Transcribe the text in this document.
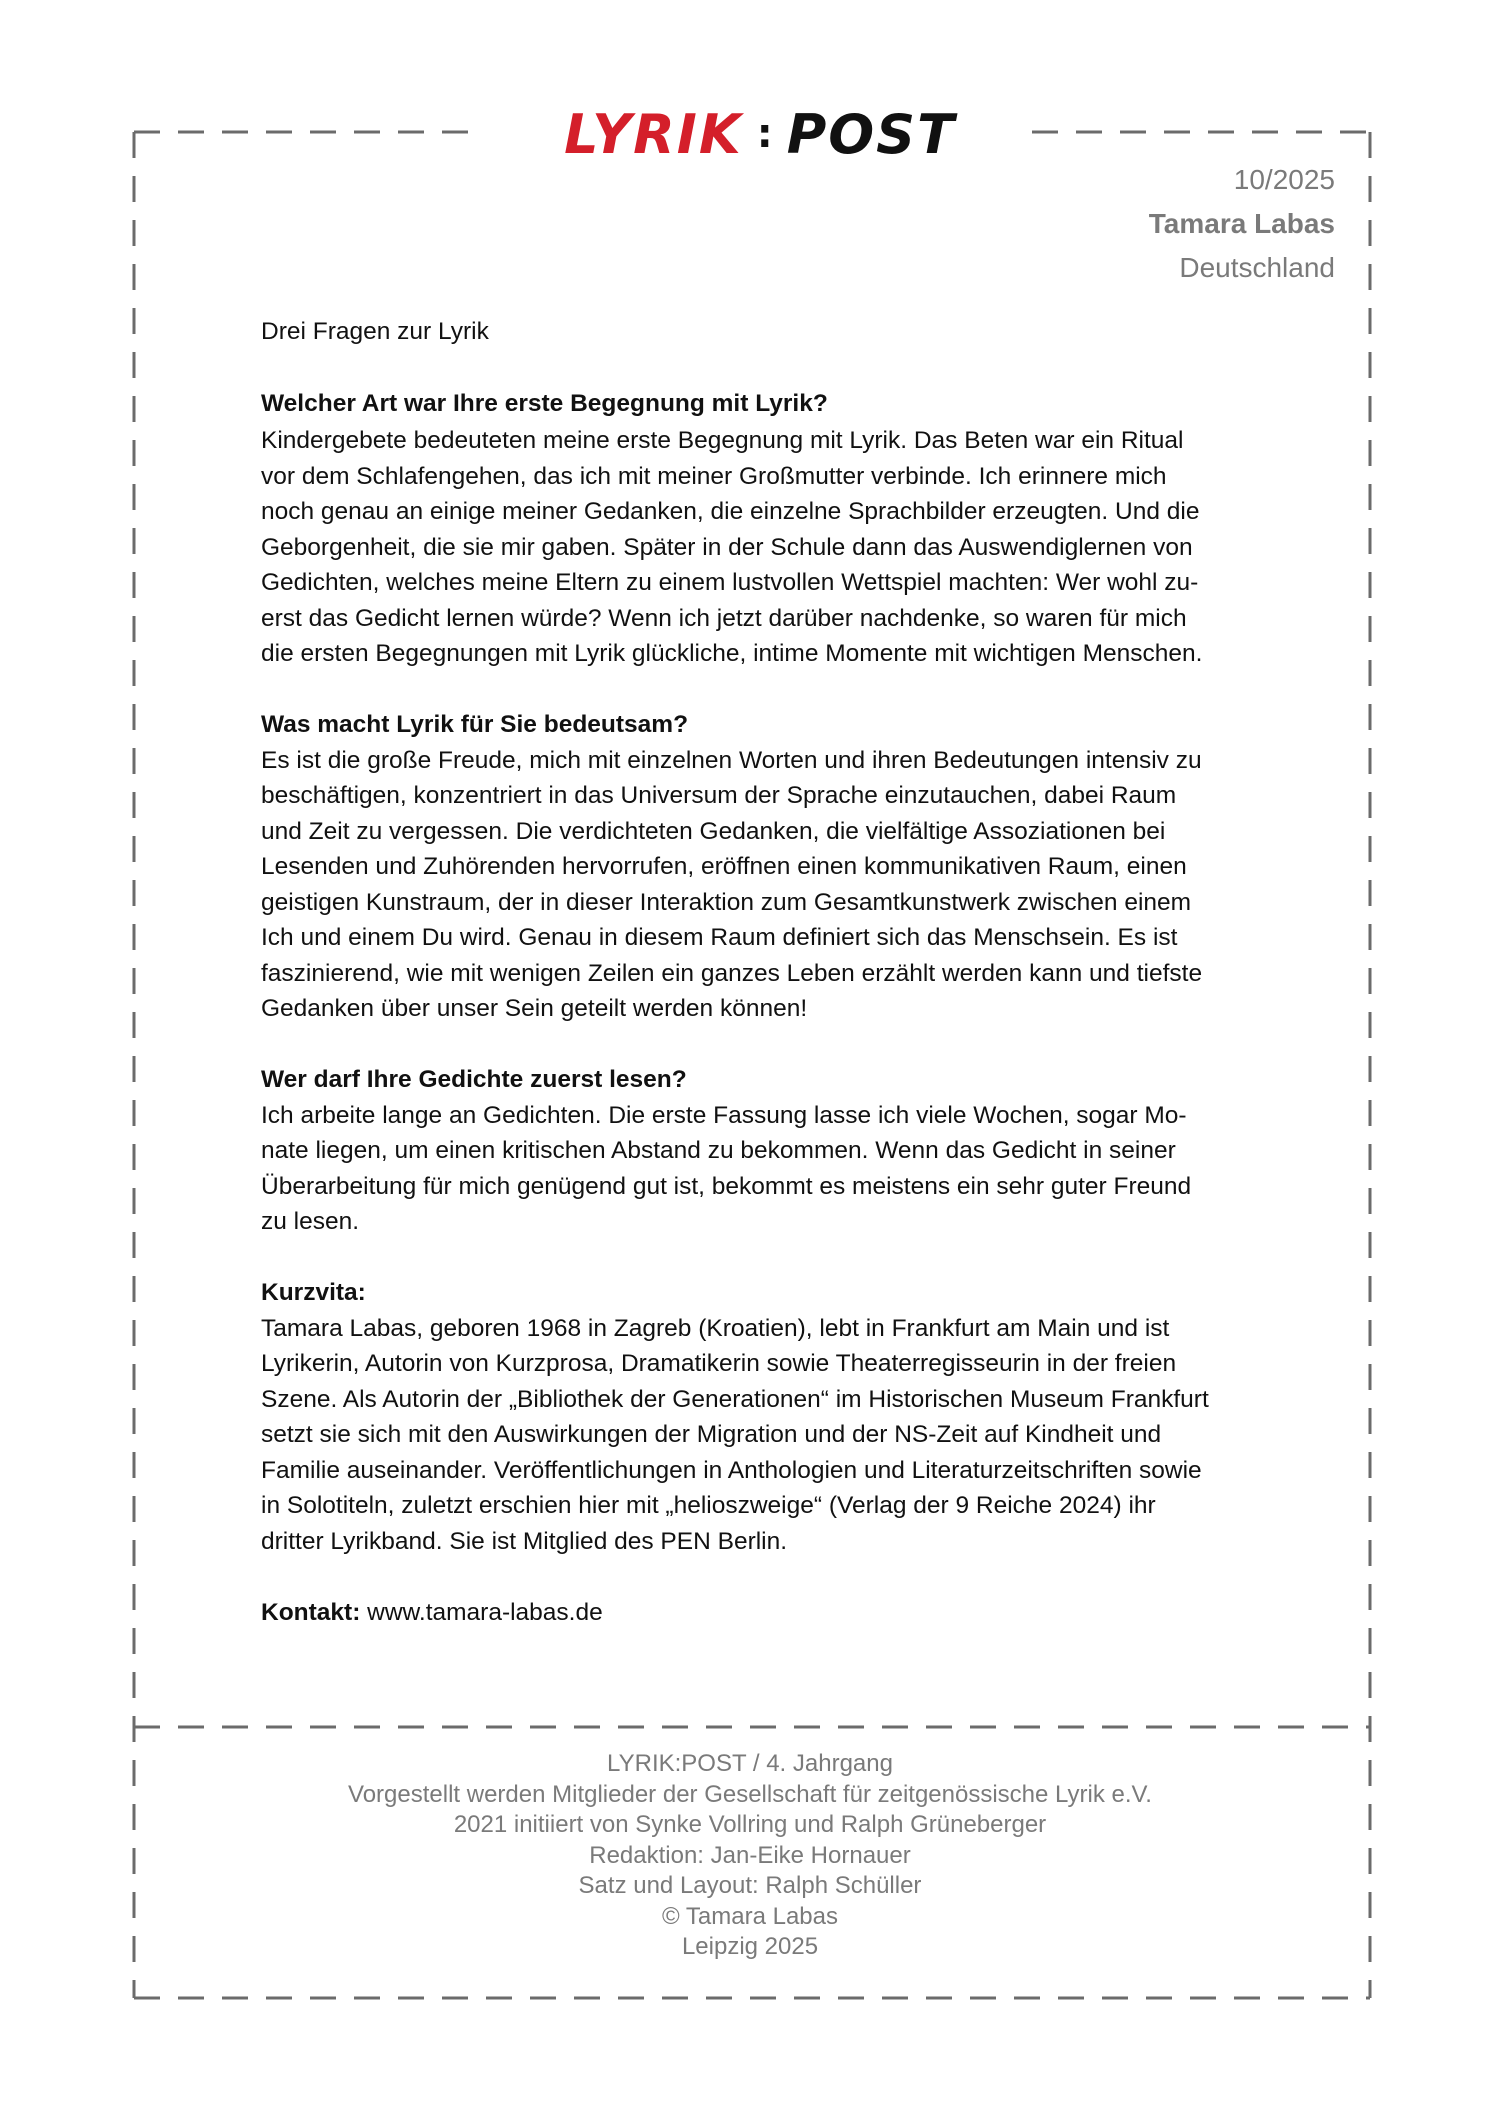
LYRIK : POST
10/2025
Tamara Labas
Deutschland

Drei Fragen zur Lyrik

Welcher Art war Ihre erste Begegnung mit Lyrik?

Kindergebete bedeuteten meine erste Begegnung mit Lyrik. Das Beten war ein Ritual

vor dem Schlafengehen, das ich mit meiner Großmutter verbinde. Ich erinnere mich

noch genau an einige meiner Gedanken, die einzelne Sprachbilder erzeugten. Und die

Geborgenheit, die sie mir gaben. Später in der Schule dann das Auswendiglernen von

Gedichten, welches meine Eltern zu einem lustvollen Wettspiel machten: Wer wohl zu-

erst das Gedicht lernen würde? Wenn ich jetzt darüber nachdenke, so waren für mich

die ersten Begegnungen mit Lyrik glückliche, intime Momente mit wichtigen Menschen.

Was macht Lyrik für Sie bedeutsam?

Es ist die große Freude, mich mit einzelnen Worten und ihren Bedeutungen intensiv zu

beschäftigen, konzentriert in das Universum der Sprache einzutauchen, dabei Raum

und Zeit zu vergessen. Die verdichteten Gedanken, die vielfältige Assoziationen bei

Lesenden und Zuhörenden hervorrufen, eröffnen einen kommunikativen Raum, einen

geistigen Kunstraum, der in dieser Interaktion zum Gesamtkunstwerk zwischen einem

Ich und einem Du wird. Genau in diesem Raum definiert sich das Menschsein. Es ist

faszinierend, wie mit wenigen Zeilen ein ganzes Leben erzählt werden kann und tiefste

Gedanken über unser Sein geteilt werden können!

Wer darf Ihre Gedichte zuerst lesen?

Ich arbeite lange an Gedichten. Die erste Fassung lasse ich viele Wochen, sogar Mo-

nate liegen, um einen kritischen Abstand zu bekommen. Wenn das Gedicht in seiner

Überarbeitung für mich genügend gut ist, bekommt es meistens ein sehr guter Freund

zu lesen.

Kurzvita:

Tamara Labas, geboren 1968 in Zagreb (Kroatien), lebt in Frankfurt am Main und ist

Lyrikerin, Autorin von Kurzprosa, Dramatikerin sowie Theaterregisseurin in der freien

Szene. Als Autorin der „Bibliothek der Generationen“ im Historischen Museum Frankfurt

setzt sie sich mit den Auswirkungen der Migration und der NS-Zeit auf Kindheit und

Familie auseinander. Veröffentlichungen in Anthologien und Literaturzeitschriften sowie

in Solotiteln, zuletzt erschien hier mit „helioszweige“ (Verlag der 9 Reiche 2024) ihr

dritter Lyrikband. Sie ist Mitglied des PEN Berlin.

Kontakt: www.tamara-labas.de

LYRIK:POST / 4. Jahrgang
Vorgestellt werden Mitglieder der Gesellschaft für zeitgenössische Lyrik e.V.
2021 initiiert von Synke Vollring und Ralph Grüneberger
Redaktion: Jan-Eike Hornauer
Satz und Layout: Ralph Schüller
© Tamara Labas
Leipzig 2025
